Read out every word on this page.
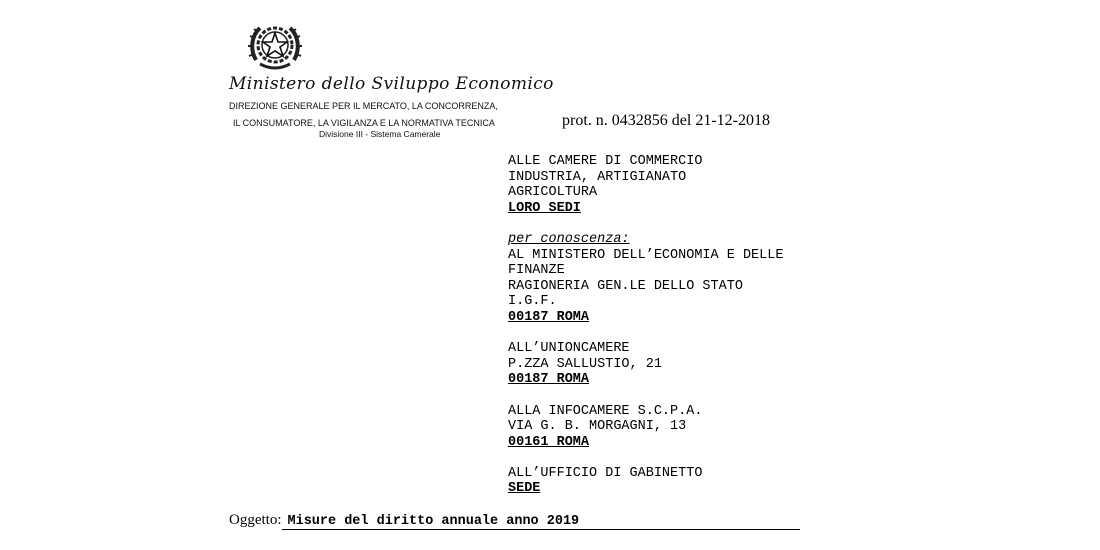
Ministero dello Sviluppo Economico
DIREZIONE GENERALE PER IL MERCATO, LA CONCORRENZA,
IL CONSUMATORE, LA VIGILANZA E LA NORMATIVA TECNICA
Divisione III - Sistema Camerale
prot. n. 0432856 del 21-12-2018
ALLE CAMERE DI COMMERCIO
INDUSTRIA, ARTIGIANATO
AGRICOLTURA
LORO SEDI
per conoscenza:
AL MINISTERO DELL’ECONOMIA E DELLE
FINANZE
RAGIONERIA GEN.LE DELLO STATO
I.G.F.
00187 ROMA
ALL’UNIONCAMERE
P.ZZA SALLUSTIO, 21
00187 ROMA
ALLA INFOCAMERE S.C.P.A.
VIA G. B. MORGAGNI, 13
00161 ROMA
ALL’UFFICIO DI GABINETTO
SEDE
Oggetto: Misure del diritto annuale anno 2019
